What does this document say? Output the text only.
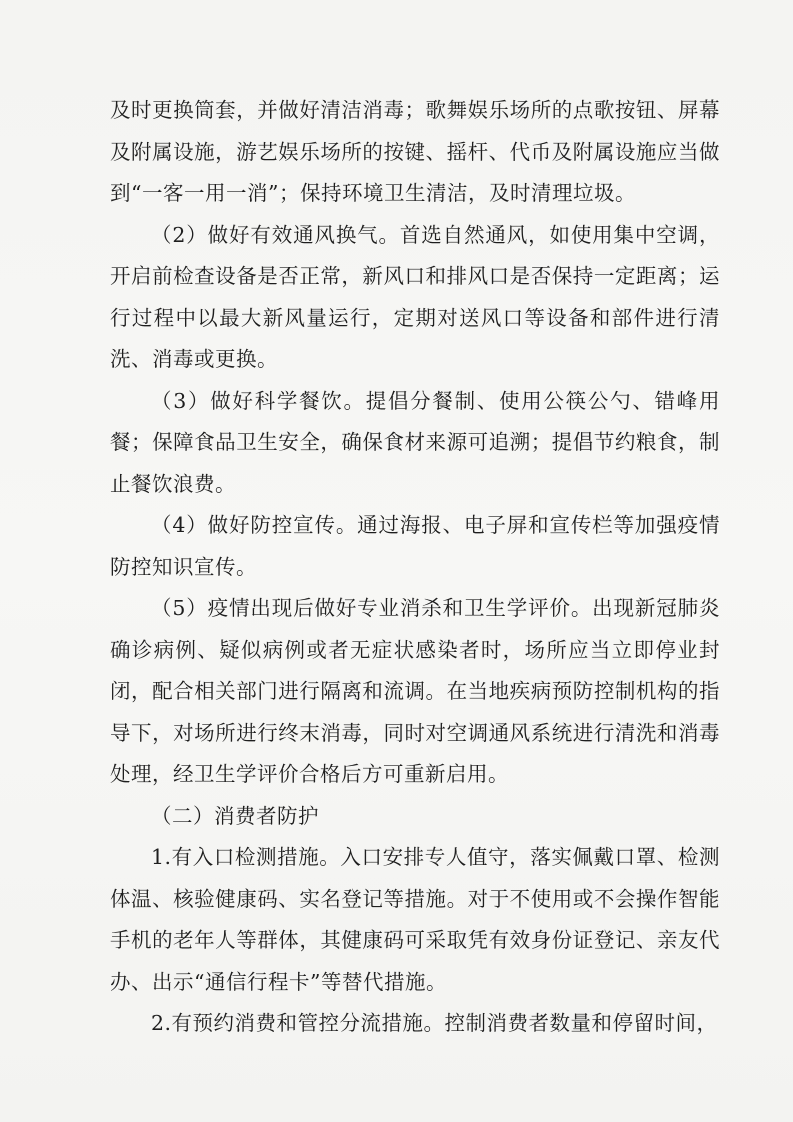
及时更换筒套，并做好清洁消毒；歌舞娱乐场所的点歌按钮、屏幕及附属设施，游艺娱乐场所的按键、摇杆、代币及附属设施应当做到“一客一用一消”；保持环境卫生清洁，及时清理垃圾。

（2）做好有效通风换气。首选自然通风，如使用集中空调，开启前检查设备是否正常，新风口和排风口是否保持一定距离；运行过程中以最大新风量运行，定期对送风口等设备和部件进行清洗、消毒或更换。

（3）做好科学餐饮。提倡分餐制、使用公筷公勺、错峰用餐；保障食品卫生安全，确保食材来源可追溯；提倡节约粮食，制止餐饮浪费。

（4）做好防控宣传。通过海报、电子屏和宣传栏等加强疫情防控知识宣传。

（5）疫情出现后做好专业消杀和卫生学评价。出现新冠肺炎确诊病例、疑似病例或者无症状感染者时，场所应当立即停业封闭，配合相关部门进行隔离和流调。在当地疾病预防控制机构的指导下，对场所进行终末消毒，同时对空调通风系统进行清洗和消毒处理，经卫生学评价合格后方可重新启用。

（二）消费者防护

1.有入口检测措施。入口安排专人值守，落实佩戴口罩、检测体温、核验健康码、实名登记等措施。对于不使用或不会操作智能手机的老年人等群体，其健康码可采取凭有效身份证登记、亲友代办、出示“通信行程卡”等替代措施。

2.有预约消费和管控分流措施。控制消费者数量和停留时间，
